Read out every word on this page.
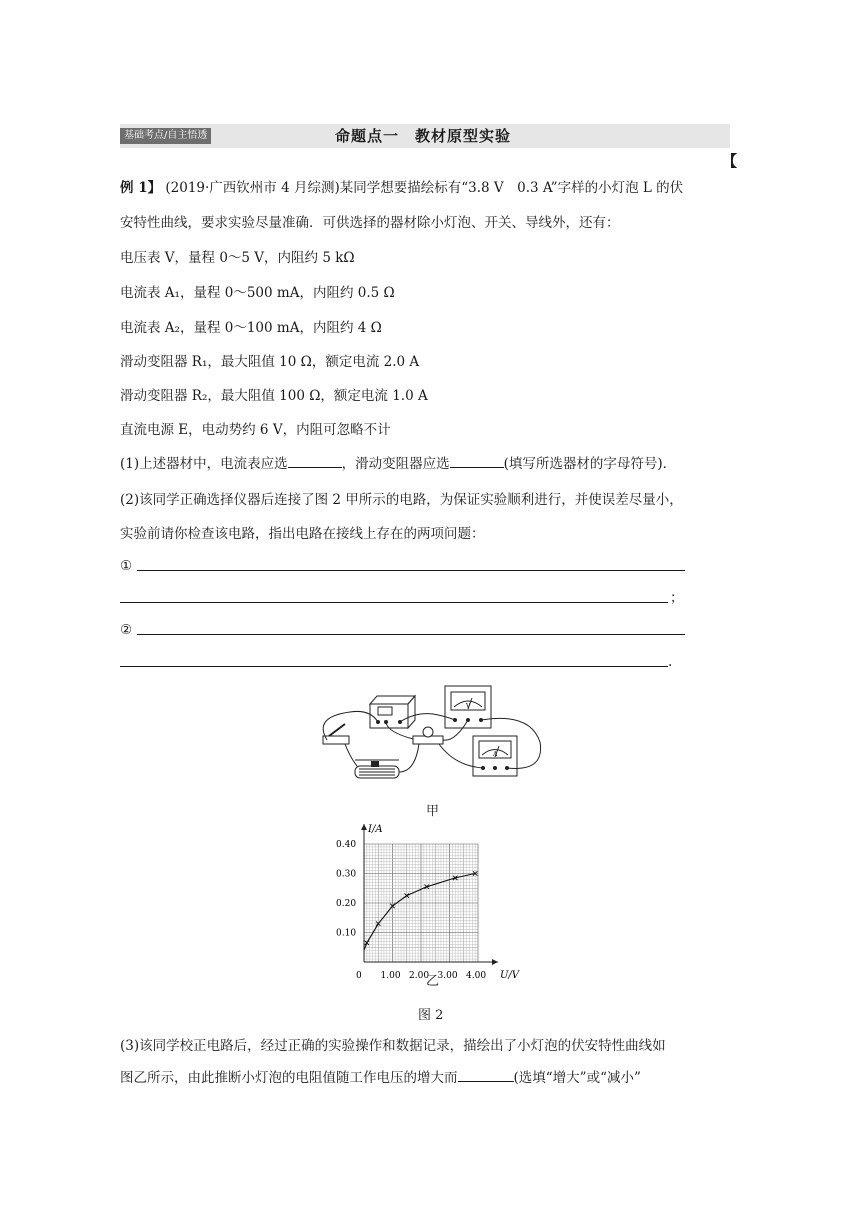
基础考点/自主悟透	命题点一　教材原型实验
【
例 1】 (2019·广西钦州市 4 月综测)某同学想要描绘标有“3.8 V　0.3 A”字样的小灯泡 L 的伏
安特性曲线，要求实验尽量准确．可供选择的器材除小灯泡、开关、导线外，还有：
电压表 V，量程 0～5 V，内阻约 5 kΩ
电流表 A₁，量程 0～500 mA，内阻约 0.5 Ω
电流表 A₂，量程 0～100 mA，内阻约 4 Ω
滑动变阻器 R₁，最大阻值 10 Ω，额定电流 2.0 A
滑动变阻器 R₂，最大阻值 100 Ω，额定电流 1.0 A
直流电源 E，电动势约 6 V，内阻可忽略不计
(1)上述器材中，电流表应选	，滑动变阻器应选	(填写所选器材的字母符号)．
(2)该同学正确选择仪器后连接了图 2 甲所示的电路，为保证实验顺利进行，并使误差尽量小，
实验前请你检查该电路，指出电路在接线上存在的两项问题：
①
；
②
.
V
A
甲
U/V
I/A
0 1.00 2.00 3.00 4.00
0.10
0.20
0.30
0.40
乙
图 2
(3)该同学校正电路后，经过正确的实验操作和数据记录，描绘出了小灯泡的伏安特性曲线如
图乙所示，由此推断小灯泡的电阻值随工作电压的增大而	(选填“增大”或“减小”
